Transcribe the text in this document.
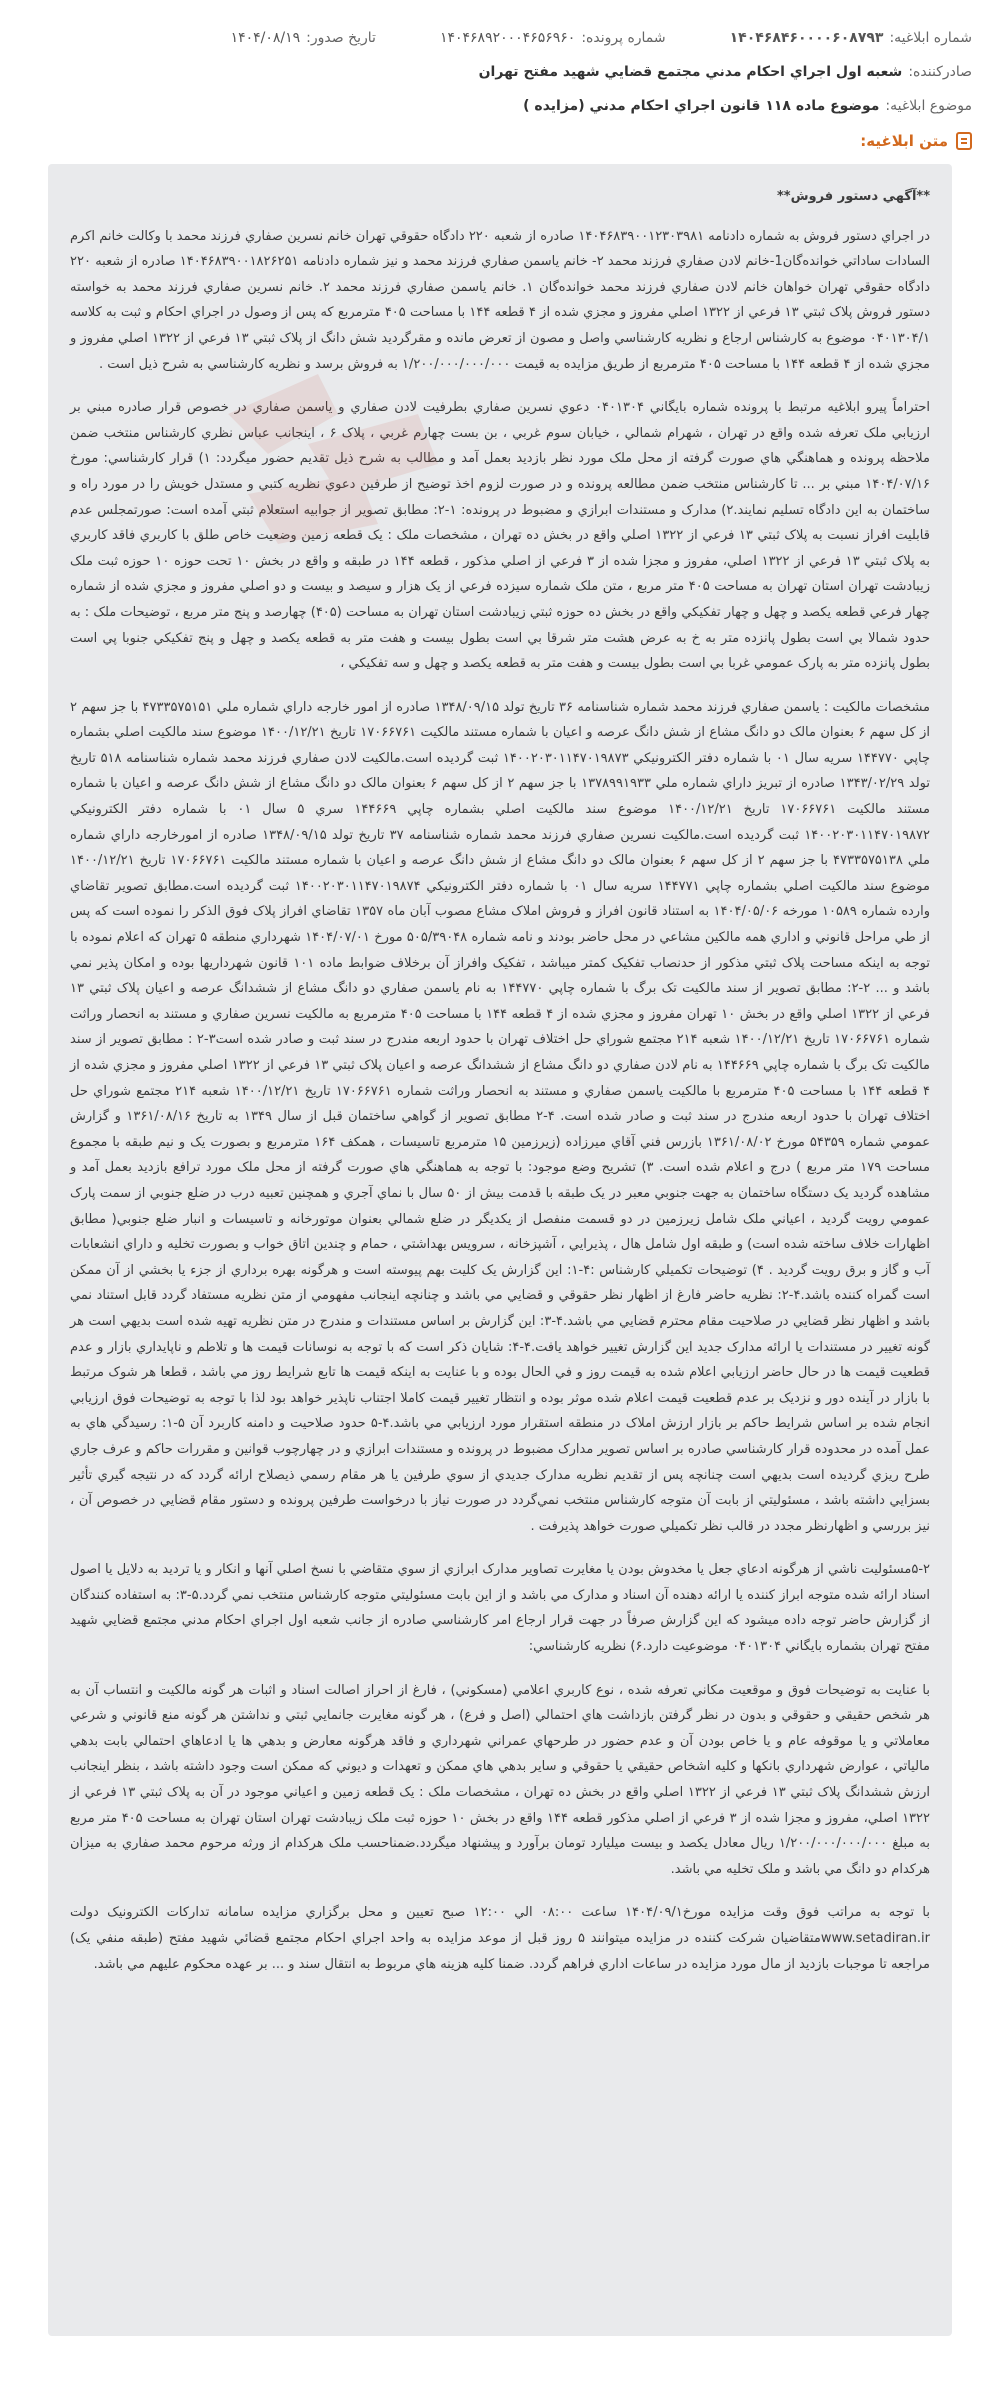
شماره ابلاغيه:۱۴۰۴۶۸۴۶۰۰۰۰۶۰۸۷۹۳
شماره پرونده:۱۴۰۴۶۸۹۲۰۰۰۴۶۵۶۹۶۰
تاريخ صدور:۱۴۰۴/۰۸/۱۹
صادرکننده:شعبه اول اجراي احکام مدني مجتمع قضايي شهيد مفتح تهران
موضوع ابلاغيه:موضوع ماده ۱۱۸ قانون اجراي احکام مدني (مزايده )
متن ابلاغيه:

**آگهي دستور فروش**

در اجراي دستور فروش به شماره دادنامه ۱۴۰۴۶۸۳۹۰۰۱۲۳۰۳۹۸۱ صادره از شعبه ۲۲۰ دادگاه حقوقي تهران خانم نسرين صفاري فرزند محمد با وکالت خانم اکرم السادات ساداتي خوانده‌گان1-خانم لادن صفاري فرزند محمد ۲- خانم ياسمن صفاري فرزند محمد و نيز شماره دادنامه ۱۴۰۴۶۸۳۹۰۰۱۸۲۶۲۵۱ صادره از شعبه ۲۲۰ دادگاه حقوقي تهران خواهان خانم لادن صفاري فرزند محمد خوانده‌گان ۱. خانم ياسمن صفاري فرزند محمد ۲. خانم نسرين صفاري فرزند محمد به خواسته دستور فروش پلاک ثبتي ۱۳ فرعي از ۱۳۲۲ اصلي مفروز و مجزي شده از ۴ قطعه ۱۴۴ با مساحت ۴۰۵ مترمربع که پس از وصول در اجراي احکام و ثبت به کلاسه ۰۴۰۱۳۰۴/۱ موضوع به کارشناس ارجاع و نظريه کارشناسي واصل و مصون از تعرض مانده و مقرگرديد شش دانگ از پلاک ثبتي ۱۳ فرعي از ۱۳۲۲ اصلي مفروز و مجزي شده از ۴ قطعه ۱۴۴ با مساحت ۴۰۵ مترمربع از طريق مزايده به قيمت ۱/۲۰۰/۰۰۰/۰۰۰/۰۰۰ به فروش برسد و نظريه کارشناسي به شرح ذيل است .

احتراماً پيرو ابلاغيه مرتبط با پرونده شماره بايگاني ۰۴۰۱۳۰۴ دعوي نسرين صفاري بطرفيت لادن صفاري و ياسمن صفاري در خصوص قرار صادره مبني بر ارزيابي ملک تعرفه شده واقع در تهران ، شهرام شمالي ، خيابان سوم غربي ، بن بست چهارم غربي ، پلاک ۶ ، اينجانب عباس نظري کارشناس منتخب ضمن ملاحظه پرونده و هماهنگي هاي صورت گرفته از محل ملک مورد نظر بازديد بعمل آمد و مطالب به شرح ذيل تقديم حضور ميگردد: ۱) قرار کارشناسي: مورخ ۱۴۰۴/۰۷/۱۶ مبني بر ... تا کارشناس منتخب ضمن مطالعه پرونده و در صورت لزوم اخذ توضيح از طرفين دعوي نظريه کتبي و مستدل خويش را در مورد راه و ساختمان به اين دادگاه تسليم نمايند.۲) مدارک و مستندات ابرازي و مضبوط در پرونده: ۱-۲: مطابق تصوير از جوابيه استعلام ثبتي آمده است: صورتمجلس عدم قابليت افراز نسبت به پلاک ثبتي ۱۳ فرعي از ۱۳۲۲ اصلي واقع در بخش ده تهران ، مشخصات ملک : يک قطعه زمين وضعيت خاص طلق با کاربري فاقد کاربري به پلاک ثبتي ۱۳ فرعي از ۱۳۲۲ اصلي، مفروز و مجزا شده از ۳ فرعي از اصلي مذکور ، قطعه ۱۴۴ در طبقه و واقع در بخش ۱۰ تحت حوزه ۱۰ حوزه ثبت ملک زيبادشت تهران استان تهران به مساحت ۴۰۵ متر مربع ، متن ملک شماره سيزده فرعي از يک هزار و سيصد و بيست و دو اصلي مفروز و مجزي شده از شماره چهار فرعي قطعه يکصد و چهل و چهار تفکيکي واقع در بخش ده حوزه ثبتي زيبادشت استان تهران به مساحت (۴۰۵) چهارصد و پنج متر مربع ، توضيحات ملک : به حدود شمالا بي است بطول پانزده متر به خ به عرض هشت متر شرقا بي است بطول بيست و هفت متر به قطعه يکصد و چهل و پنج تفکيکي جنوبا پي است بطول پانزده متر به پارک عمومي غربا بي است بطول بيست و هفت متر به قطعه يکصد و چهل و سه تفکيکي ،

مشخصات مالکيت : ياسمن صفاري فرزند محمد شماره شناسنامه ۳۶ تاريخ تولد ۱۳۴۸/۰۹/۱۵ صادره از امور خارجه داراي شماره ملي ۴۷۳۳۵۷۵۱۵۱ با جز سهم ۲ از کل سهم ۶ بعنوان مالک دو دانگ مشاع از شش دانگ عرصه و اعيان با شماره مستند مالکيت ۱۷۰۶۶۷۶۱ تاريخ ۱۴۰۰/۱۲/۲۱ موضوع سند مالکيت اصلي بشماره چاپي ۱۴۴۷۷۰ سريه سال ۰۱ با شماره دفتر الکترونيکي ۱۴۰۰۲۰۳۰۱۱۴۷۰۱۹۸۷۳ ثبت گرديده است.مالکيت لادن صفاري فرزند محمد شماره شناسنامه ۵۱۸ تاريخ تولد ۱۳۴۳/۰۲/۲۹ صادره از تبريز داراي شماره ملي ۱۳۷۸۹۹۱۹۳۳ با جز سهم ۲ از کل سهم ۶ بعنوان مالک دو دانگ مشاع از شش دانگ عرصه و اعيان با شماره مستند مالکيت ۱۷۰۶۶۷۶۱ تاريخ ۱۴۰۰/۱۲/۲۱ موضوع سند مالکيت اصلي بشماره چاپي ۱۴۴۶۶۹ سري ۵ سال ۰۱ با شماره دفتر الکترونيکي ۱۴۰۰۲۰۳۰۱۱۴۷۰۱۹۸۷۲ ثبت گرديده است.مالکيت نسرين صفاري فرزند محمد شماره شناسنامه ۳۷ تاريخ تولد ۱۳۴۸/۰۹/۱۵ صادره از امورخارجه داراي شماره ملي ۴۷۳۳۵۷۵۱۳۸ با جز سهم ۲ از کل سهم ۶ بعنوان مالک دو دانگ مشاع از شش دانگ عرصه و اعيان با شماره مستند مالکيت ۱۷۰۶۶۷۶۱ تاريخ ۱۴۰۰/۱۲/۲۱ موضوع سند مالکيت اصلي بشماره چاپي ۱۴۴۷۷۱ سريه سال ۰۱ با شماره دفتر الکترونيکي ۱۴۰۰۲۰۳۰۱۱۴۷۰۱۹۸۷۴ ثبت گرديده است.مطابق تصوير تقاضاي وارده شماره ۱۰۵۸۹ مورخه ۱۴۰۴/۰۵/۰۶ به استناد قانون افراز و فروش املاک مشاع مصوب آبان ماه ۱۳۵۷ تقاضاي افراز پلاک فوق الذکر را نموده است که پس از طي مراحل قانوني و اداري همه مالکين مشاعي در محل حاضر بودند و نامه شماره ۵۰۵/۳۹۰۴۸ مورخ ۱۴۰۴/۰۷/۰۱ شهرداري منطقه ۵ تهران که اعلام نموده با توجه به اينکه مساحت پلاک ثبتي مذکور از حدنصاب تفکيک کمتر ميباشد ، تفکيک وافراز آن برخلاف ضوابط ماده ۱۰۱ قانون شهرداريها بوده و امکان پذير نمي باشد و ... ۲-۲: مطابق تصوير از سند مالکيت تک برگ با شماره چاپي ۱۴۴۷۷۰ به نام ياسمن صفاري دو دانگ مشاع از ششدانگ عرصه و اعيان پلاک ثبتي ۱۳ فرعي از ۱۳۲۲ اصلي واقع در بخش ۱۰ تهران مفروز و مجزي شده از ۴ قطعه ۱۴۴ با مساحت ۴۰۵ مترمربع به مالکيت نسرين صفاري و مستند به انحصار وراثت شماره ۱۷۰۶۶۷۶۱ تاريخ ۱۴۰۰/۱۲/۲۱ شعبه ۲۱۴ مجتمع شوراي حل اختلاف تهران با حدود اربعه مندرج در سند ثبت و صادر شده است۳-۲ : مطابق تصوير از سند مالکيت تک برگ با شماره چاپي ۱۴۴۶۶۹ به نام لادن صفاري دو دانگ مشاع از ششدانگ عرصه و اعيان پلاک ثبتي ۱۳ فرعي از ۱۳۲۲ اصلي مفروز و مجزي شده از ۴ قطعه ۱۴۴ با مساحت ۴۰۵ مترمربع با مالکيت ياسمن صفاري و مستند به انحصار وراثت شماره ۱۷۰۶۶۷۶۱ تاريخ ۱۴۰۰/۱۲/۲۱ شعبه ۲۱۴ مجتمع شوراي حل اختلاف تهران با حدود اربعه مندرج در سند ثبت و صادر شده است. ۴-۲ مطابق تصوير از گواهي ساختمان قبل از سال ۱۳۴۹ به تاريخ ۱۳۶۱/۰۸/۱۶ و گزارش عمومي شماره ۵۴۳۵۹ مورخ ۱۳۶۱/۰۸/۰۲ بازرس فني آقاي ميرزاده (زيرزمين ۱۵ مترمربع تاسيسات ، همکف ۱۶۴ مترمربع و بصورت يک و نيم طبقه با مجموع مساحت ۱۷۹ متر مربع ) درج و اعلام شده است. ۳) تشريح وضع موجود: با توجه به هماهنگي هاي صورت گرفته از محل ملک مورد ترافع بازديد بعمل آمد و مشاهده گرديد يک دستگاه ساختمان به جهت جنوبي معبر در يک طبقه با قدمت بيش از ۵۰ سال با نماي آجري و همچنين تعبيه درب در ضلع جنوبي از سمت پارک عمومي رويت گرديد ، اعياني ملک شامل زيرزمين در دو قسمت منفصل از يکديگر در ضلع شمالي بعنوان موتورخانه و تاسيسات و انبار ضلع جنوبي( مطابق اظهارات خلاف ساخته شده است) و طبقه اول شامل هال ، پذيرايي ، آشپزخانه ، سرويس بهداشتي ، حمام و چندين اتاق خواب و بصورت تخليه و داراي انشعابات آب و گاز و برق رويت گرديد . ۴) توضيحات تکميلي کارشناس :۴-۱: اين گزارش يک کليت بهم پيوسته است و هرگونه بهره برداري از جزء يا بخشي از آن ممکن است گمراه کننده باشد.۴-۲: نظريه حاضر فارغ از اظهار نظر حقوقي و قضايي مي باشد و چنانچه اينجانب مفهومي از متن نظريه مستفاد گردد قابل استناد نمي باشد و اظهار نظر قضايي در صلاحيت مقام محترم قضايي مي باشد.۴-۳: اين گزارش بر اساس مستندات و مندرج در متن نظريه تهيه شده است بديهي است هر گونه تغيير در مستندات يا ارائه مدارک جديد اين گزارش تغيير خواهد يافت.۴-۴: شايان ذکر است که با توجه به نوسانات قيمت ها و تلاطم و ناپايداري بازار و عدم قطعيت قيمت ها در حال حاضر ارزيابي اعلام شده به قيمت روز و في الحال بوده و با عنايت به اينکه قيمت ها تابع شرايط روز مي باشد ، قطعا هر شوک مرتبط با بازار در آينده دور و نزديک بر عدم قطعيت قيمت اعلام شده موثر بوده و انتظار تغيير قيمت کاملا اجتناب ناپذير خواهد بود لذا با توجه به توضيحات فوق ارزيابي انجام شده بر اساس شرايط حاکم بر بازار ارزش املاک در منطقه استقرار مورد ارزيابي مي باشد.۴-۵ حدود صلاحيت و دامنه کاربرد آن ۵-۱: رسيدگي هاي به عمل آمده در محدوده قرار کارشناسي صادره بر اساس تصوير مدارک مضبوط در پرونده و مستندات ابرازي و در چهارچوب قوانين و مقررات حاکم و عرف جاري طرح ريزي گرديده است بديهي است چنانچه پس از تقديم نظريه مدارک جديدي از سوي طرفين يا هر مقام رسمي ذيصلاح ارائه گردد که در نتيجه گيري تأثير بسزايي داشته باشد ، مسئوليتي از بابت آن متوجه کارشناس منتخب نمي‌گردد در صورت نياز با درخواست طرفين پرونده و دستور مقام قضايي در خصوص آن ، نيز بررسي و اظهارنظر مجدد در قالب نظر تکميلي صورت خواهد پذيرفت .

۵-۲مسئوليت ناشي از هرگونه ادعاي جعل يا مخدوش بودن يا مغايرت تصاوير مدارک ابرازي از سوي متقاضي با نسخ اصلي آنها و انکار و يا ترديد به دلايل يا اصول اسناد ارائه شده متوجه ابراز کننده يا ارائه دهنده آن اسناد و مدارک مي باشد و از اين بابت مسئوليتي متوجه کارشناس منتخب نمي گردد.۵-۳: به استفاده کنندگان از گزارش حاضر توجه داده ميشود که اين گزارش صرفاً در جهت قرار ارجاع امر کارشناسي صادره از جانب شعبه اول اجراي احکام مدني مجتمع قضايي شهيد مفتح تهران بشماره بايگاني ۰۴۰۱۳۰۴ موضوعيت دارد.۶) نظريه کارشناسي:

با عنايت به توضيحات فوق و موقعيت مکاني تعرفه شده ، نوع کاربري اعلامي (مسکوني) ، فارغ از احراز اصالت اسناد و اثبات هر گونه مالکيت و انتساب آن به هر شخص حقيقي و حقوقي و بدون در نظر گرفتن بازداشت هاي احتمالي (اصل و فرع) ، هر گونه مغايرت جانمايي ثبتي و نداشتن هر گونه منع قانوني و شرعي معاملاتي و يا موقوفه عام و يا خاص بودن آن و عدم حضور در طرحهاي عمراني شهرداري و فاقد هرگونه معارض و بدهي ها يا ادعاهاي احتمالي بابت بدهي مالياتي ، عوارض شهرداري بانکها و کليه اشخاص حقيقي يا حقوقي و ساير بدهي هاي ممکن و تعهدات و ديوني که ممکن است وجود داشته باشد ، بنظر اينجانب ارزش ششدانگ پلاک ثبتي ۱۳ فرعي از ۱۳۲۲ اصلي واقع در بخش ده تهران ، مشخصات ملک : يک قطعه زمين و اعياني موجود در آن به پلاک ثبتي ۱۳ فرعي از ۱۳۲۲ اصلي، مفروز و مجزا شده از ۳ فرعي از اصلي مذکور قطعه ۱۴۴ واقع در بخش ۱۰ حوزه ثبت ملک زيبادشت تهران استان تهران به مساحت ۴۰۵ متر مربع به مبلغ ۱/۲۰۰/۰۰۰/۰۰۰/۰۰۰ ريال معادل يکصد و بيست ميليارد تومان برآورد و پيشنهاد ميگردد.ضمنا‌حسب ملک هرکدام از ورثه مرحوم محمد صفاري به ميزان هرکدام دو دانگ مي باشد و ملک تخليه مي باشد.

با توجه به مراتب فوق وقت مزايده مورخ۱۴۰۴/۰۹/۱ ساعت ۰۸:۰۰ الي ۱۲:۰۰ صبح تعيين و محل برگزاري مزايده سامانه تدارکات الکترونيک دولت www.setadiran.irمتقاضيان شرکت کننده در مزايده ميتوانند ۵ روز قبل از موعد مزايده به واحد اجراي احکام مجتمع قضائي شهيد مفتح (طبقه منفي يک) مراجعه تا موجبات بازديد از مال مورد مزايده در ساعات اداري فراهم گردد. ضمنا کليه هزينه هاي مربوط به انتقال سند و ... بر عهده محکوم عليهم مي باشد.
